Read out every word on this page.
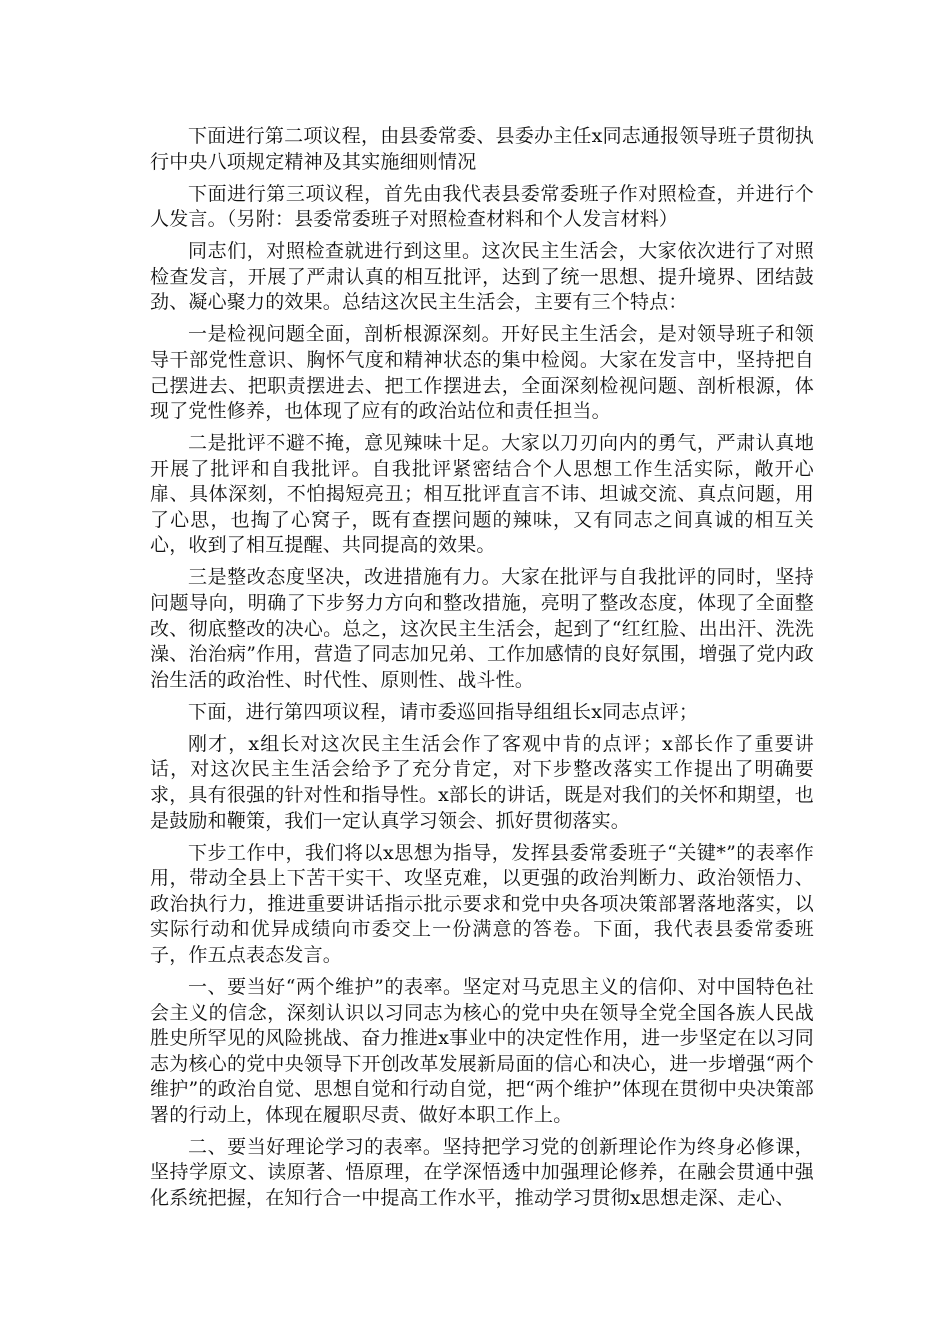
下面进行第二项议程，由县委常委、县委办主任x同志通报领导班子贯彻执行中央八项规定精神及其实施细则情况

下面进行第三项议程，首先由我代表县委常委班子作对照检查，并进行个人发言。（另附：县委常委班子对照检查材料和个人发言材料）

同志们，对照检查就进行到这里。这次民主生活会，大家依次进行了对照检查发言，开展了严肃认真的相互批评，达到了统一思想、提升境界、团结鼓劲、凝心聚力的效果。总结这次民主生活会，主要有三个特点：

一是检视问题全面，剖析根源深刻。开好民主生活会，是对领导班子和领导干部党性意识、胸怀气度和精神状态的集中检阅。大家在发言中，坚持把自己摆进去、把职责摆进去、把工作摆进去，全面深刻检视问题、剖析根源，体现了党性修养，也体现了应有的政治站位和责任担当。

二是批评不避不掩，意见辣味十足。大家以刀刃向内的勇气，严肃认真地开展了批评和自我批评。自我批评紧密结合个人思想工作生活实际，敞开心扉、具体深刻，不怕揭短亮丑；相互批评直言不讳、坦诚交流、真点问题，用了心思，也掏了心窝子，既有查摆问题的辣味，又有同志之间真诚的相互关心，收到了相互提醒、共同提高的效果。

三是整改态度坚决，改进措施有力。大家在批评与自我批评的同时，坚持问题导向，明确了下步努力方向和整改措施，亮明了整改态度，体现了全面整改、彻底整改的决心。总之，这次民主生活会，起到了“红红脸、出出汗、洗洗澡、治治病”作用，营造了同志加兄弟、工作加感情的良好氛围，增强了党内政治生活的政治性、时代性、原则性、战斗性。

下面，进行第四项议程，请市委巡回指导组组长x同志点评；

刚才，x组长对这次民主生活会作了客观中肯的点评；x部长作了重要讲话，对这次民主生活会给予了充分肯定，对下步整改落实工作提出了明确要求，具有很强的针对性和指导性。x部长的讲话，既是对我们的关怀和期望，也是鼓励和鞭策，我们一定认真学习领会、抓好贯彻落实。

下步工作中，我们将以x思想为指导，发挥县委常委班子“关键*”的表率作用，带动全县上下苦干实干、攻坚克难，以更强的政治判断力、政治领悟力、政治执行力，推进重要讲话指示批示要求和党中央各项决策部署落地落实，以实际行动和优异成绩向市委交上一份满意的答卷。下面，我代表县委常委班子，作五点表态发言。

一、要当好“两个维护”的表率。坚定对马克思主义的信仰、对中国特色社会主义的信念，深刻认识以习同志为核心的党中央在领导全党全国各族人民战胜史所罕见的风险挑战、奋力推进x事业中的决定性作用，进一步坚定在以习同志为核心的党中央领导下开创改革发展新局面的信心和决心，进一步增强“两个维护”的政治自觉、思想自觉和行动自觉，把“两个维护”体现在贯彻中央决策部署的行动上，体现在履职尽责、做好本职工作上。

二、要当好理论学习的表率。坚持把学习党的创新理论作为终身必修课，坚持学原文、读原著、悟原理，在学深悟透中加强理论修养，在融会贯通中强化系统把握，在知行合一中提高工作水平，推动学习贯彻x思想走深、走心、
